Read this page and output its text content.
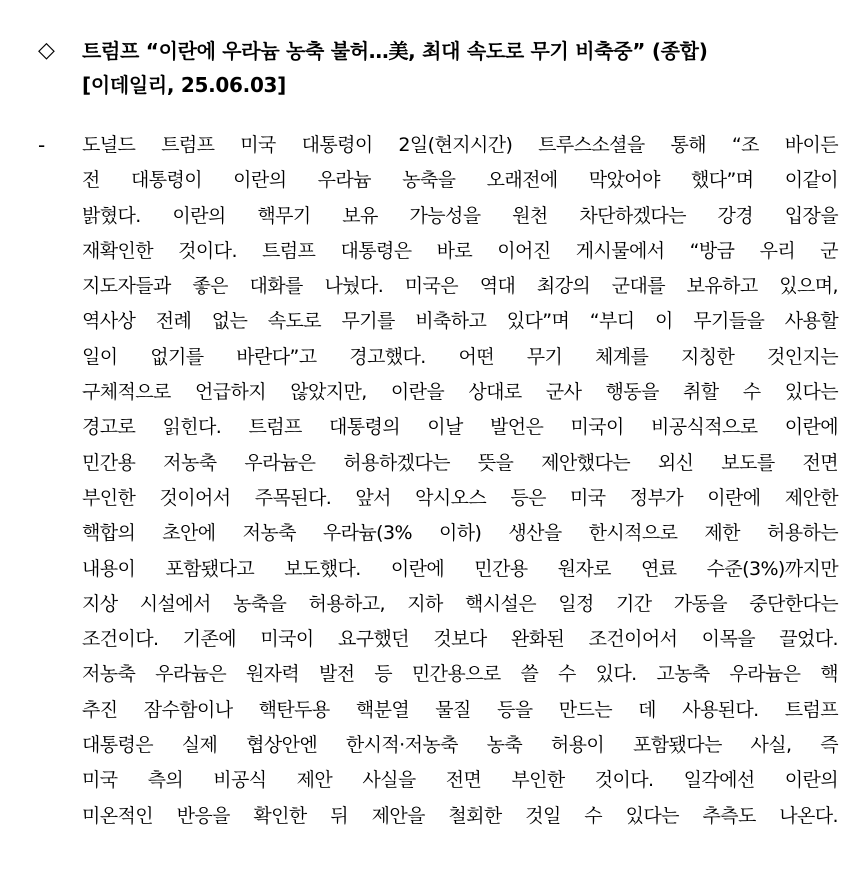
◇	트럼프 “이란에 우라늄 농축 불허…美, 최대 속도로 무기 비축중” (종합)
[이데일리, 25.06.03]
-	도널드 트럼프 미국 대통령이 2일(현지시간) 트루스소셜을 통해 “조 바이든
전 대통령이 이란의 우라늄 농축을 오래전에 막았어야 했다”며 이같이
밝혔다. 이란의 핵무기 보유 가능성을 원천 차단하겠다는 강경 입장을
재확인한 것이다. 트럼프 대통령은 바로 이어진 게시물에서 “방금 우리 군
지도자들과 좋은 대화를 나눴다. 미국은 역대 최강의 군대를 보유하고 있으며,
역사상 전례 없는 속도로 무기를 비축하고 있다”며 “부디 이 무기들을 사용할
일이 없기를 바란다”고 경고했다. 어떤 무기 체계를 지칭한 것인지는
구체적으로 언급하지 않았지만, 이란을 상대로 군사 행동을 취할 수 있다는
경고로 읽힌다. 트럼프 대통령의 이날 발언은 미국이 비공식적으로 이란에
민간용 저농축 우라늄은 허용하겠다는 뜻을 제안했다는 외신 보도를 전면
부인한 것이어서 주목된다. 앞서 악시오스 등은 미국 정부가 이란에 제안한
핵합의 초안에 저농축 우라늄(3% 이하) 생산을 한시적으로 제한 허용하는
내용이 포함됐다고 보도했다. 이란에 민간용 원자로 연료 수준(3%)까지만
지상 시설에서 농축을 허용하고, 지하 핵시설은 일정 기간 가동을 중단한다는
조건이다. 기존에 미국이 요구했던 것보다 완화된 조건이어서 이목을 끌었다.
저농축 우라늄은 원자력 발전 등 민간용으로 쓸 수 있다. 고농축 우라늄은 핵
추진 잠수함이나 핵탄두용 핵분열 물질 등을 만드는 데 사용된다. 트럼프
대통령은 실제 협상안엔 한시적·저농축 농축 허용이 포함됐다는 사실, 즉
미국 측의 비공식 제안 사실을 전면 부인한 것이다. 일각에선 이란의
미온적인 반응을 확인한 뒤 제안을 철회한 것일 수 있다는 추측도 나온다.
